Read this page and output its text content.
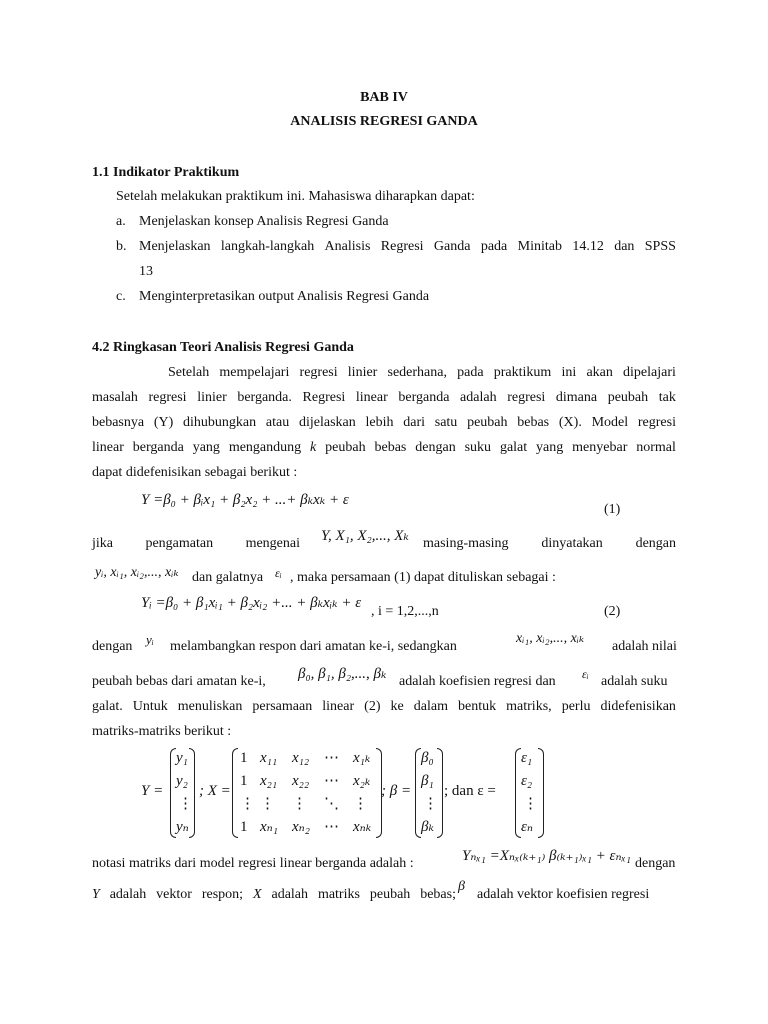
BAB IV
ANALISIS REGRESI GANDA
1.1 Indikator Praktikum
Setelah melakukan praktikum ini. Mahasiswa diharapkan dapat:
a. Menjelaskan konsep Analisis Regresi Ganda
b. Menjelaskan langkah-langkah Analisis Regresi Ganda pada Minitab 14.12 dan SPSS
13
c. Menginterpretasikan output Analisis Regresi Ganda
4.2 Ringkasan Teori Analisis Regresi Ganda
Setelah mempelajari regresi linier sederhana, pada praktikum ini akan dipelajari
masalah regresi linier berganda. Regresi linear berganda adalah regresi dimana peubah tak
bebasnya (Y) dihubungkan atau dijelaskan lebih dari satu peubah bebas (X). Model regresi
linear berganda yang mengandung k peubah bebas dengan suku galat yang menyebar normal
dapat didefenisikan sebagai berikut :
Y =β₀ + βᵢx₁ + β₂x₂ + ...+ βₖxₖ + ε
(1)
jika pengamatan mengenai Y, X₁, X₂,..., Xₖ masing-masing dinyatakan dengan
yᵢ, xᵢ₁, xᵢ₂,..., xᵢₖ dan galatnya εᵢ , maka persamaan (1) dapat dituliskan sebagai :
Yᵢ =β₀ + β₁xᵢ₁ + β₂xᵢ₂ +... + βₖxᵢₖ + ε
, i = 1,2,...,n	(2)
dengan yᵢ melambangkan respon dari amatan ke-i, sedangkan
xᵢ₁, xᵢ₂,..., xᵢₖ
adalah nilai
peubah bebas dari amatan ke-i, β₀, β₁, β₂,..., βₖ adalah koefisien regresi dan εᵢ adalah suku
galat. Untuk menuliskan persamaan linear (2) ke dalam bentuk matriks, perlu didefenisikan
matriks-matriks berikut :
Y =
y₁
y₂
⋮
yₙ
; X =
1 x₁₁ x₁₂ ⋯ x₁ₖ
1 x₂₁ x₂₂ ⋯ x₂ₖ
⋮ ⋮ ⋮ ⋱ ⋮
1 xₙ₁ xₙ₂ ⋯ xₙₖ
; β =
β₀
β₁
⋮
βₖ
; dan ε =
ε₁
ε₂
⋮
εₙ
notasi matriks dari model regresi linear berganda adalah :	Yₙₓ₁ =Xₙₓ₍ₖ₊₁₎ β₍ₖ₊₁₎ₓ₁ + εₙₓ₁ dengan
Y adalah vektor respon; X adalah matriks peubah bebas;
β
adalah vektor koefisien regresi
